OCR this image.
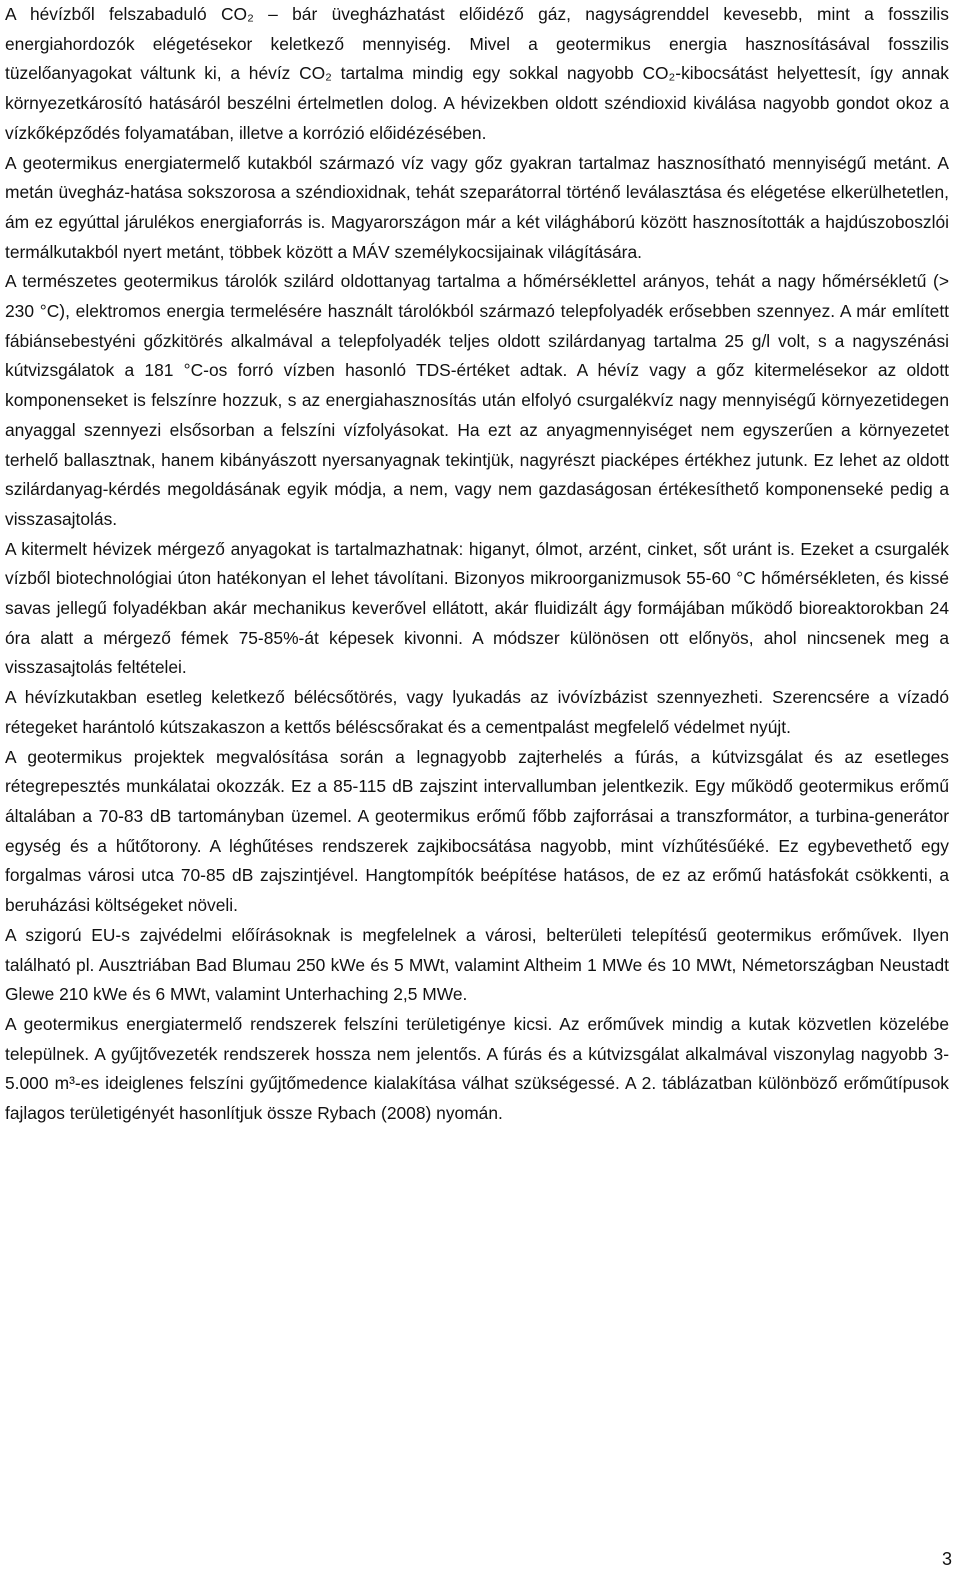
A hévízből felszabaduló CO₂ – bár üvegházhatást előidéző gáz, nagyságrenddel kevesebb, mint a fosszilis energiahordozók elégetésekor keletkező mennyiség. Mivel a geotermikus energia hasznosításával fosszilis tüzelőanyagokat váltunk ki, a hévíz CO₂ tartalma mindig egy sokkal nagyobb CO₂-kibocsátást helyettesít, így annak környezetkárosító hatásáról beszélni értelmetlen dolog. A hévizekben oldott széndioxid kiválása nagyobb gondot okoz a vízkőképződés folyamatában, illetve a korrózió előidézésében.

A geotermikus energiatermelő kutakból származó víz vagy gőz gyakran tartalmaz hasznosítható mennyiségű metánt. A metán üvegház-hatása sokszorosa a széndioxidnak, tehát szeparátorral történő leválasztása és elégetése elkerülhetetlen, ám ez egyúttal járulékos energiaforrás is. Magyarországon már a két világháború között hasznosították a hajdúszoboszlói termálkutakból nyert metánt, többek között a MÁV személykocsijainak világítására.

A természetes geotermikus tárolók szilárd oldottanyag tartalma a hőmérséklettel arányos, tehát a nagy hőmérsékletű (> 230 °C), elektromos energia termelésére használt tárolókból származó telepfolyadék erősebben szennyez. A már említett fábiánsebestyéni gőzkitörés alkalmával a telepfolyadék teljes oldott szilárdanyag tartalma 25 g/l volt, s a nagyszénási kútvizsgálatok a 181 °C-os forró vízben hasonló TDS-értéket adtak. A hévíz vagy a gőz kitermelésekor az oldott komponenseket is felszínre hozzuk, s az energiahasznosítás után elfolyó csurgalékvíz nagy mennyiségű környezetidegen anyaggal szennyezi elsősorban a felszíni vízfolyásokat. Ha ezt az anyagmennyiséget nem egyszerűen a környezetet terhelő ballasztnak, hanem kibányászott nyersanyagnak tekintjük, nagyrészt piacképes értékhez jutunk. Ez lehet az oldott szilárdanyag-kérdés megoldásának egyik módja, a nem, vagy nem gazdaságosan értékesíthető komponenseké pedig a visszasajtolás.

A kitermelt hévizek mérgező anyagokat is tartalmazhatnak: higanyt, ólmot, arzént, cinket, sőt uránt is. Ezeket a csurgalék vízből biotechnológiai úton hatékonyan el lehet távolítani. Bizonyos mikroorganizmusok 55-60 °C hőmérsékleten, és kissé savas jellegű folyadékban akár mechanikus keverővel ellátott, akár fluidizált ágy formájában működő bioreaktorokban 24 óra alatt a mérgező fémek 75-85%-át képesek kivonni. A módszer különösen ott előnyös, ahol nincsenek meg a visszasajtolás feltételei.

A hévízkutakban esetleg keletkező bélécsőtörés, vagy lyukadás az ivóvízbázist szennyezheti. Szerencsére a vízadó rétegeket harántoló kútszakaszon a kettős béléscsőrakat és a cementpalást megfelelő védelmet nyújt.

A geotermikus projektek megvalósítása során a legnagyobb zajterhelés a fúrás, a kútvizsgálat és az esetleges rétegrepesztés munkálatai okozzák. Ez a 85-115 dB zajszint intervallumban jelentkezik. Egy működő geotermikus erőmű általában a 70-83 dB tartományban üzemel. A geotermikus erőmű főbb zajforrásai a transzformátor, a turbina-generátor egység és a hűtőtorony. A léghűtéses rendszerek zajkibocsátása nagyobb, mint vízhűtésűéké. Ez egybevethető egy forgalmas városi utca 70-85 dB zajszintjével. Hangtompítók beépítése hatásos, de ez az erőmű hatásfokát csökkenti, a beruházási költségeket növeli.

A szigorú EU-s zajvédelmi előírásoknak is megfelelnek a városi, belterületi telepítésű geotermikus erőművek. Ilyen található pl. Ausztriában Bad Blumau 250 kWe és 5 MWt, valamint Altheim 1 MWe és 10 MWt, Németországban Neustadt Glewe 210 kWe és 6 MWt, valamint Unterhaching 2,5 MWe.

A geotermikus energiatermelő rendszerek felszíni területigénye kicsi. Az erőművek mindig a kutak közvetlen közelébe települnek. A gyűjtővezeték rendszerek hossza nem jelentős. A fúrás és a kútvizsgálat alkalmával viszonylag nagyobb 3-5.000 m³-es ideiglenes felszíni gyűjtőmedence kialakítása válhat szükségessé. A 2. táblázatban különböző erőműtípusok fajlagos területigényét hasonlítjuk össze Rybach (2008) nyomán.

3
